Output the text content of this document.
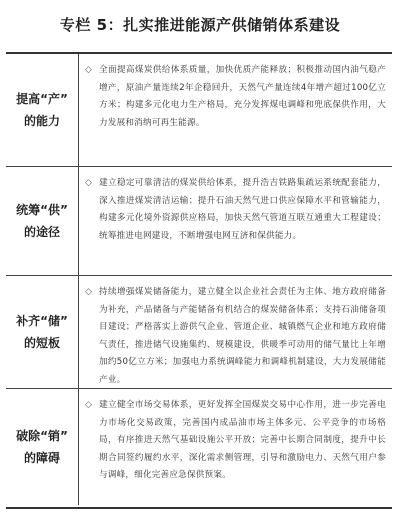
专栏 5：扎实推进能源产供储销体系建设
提高“产”
的能力
◇ 全面提高煤炭供给体系质量，加快优质产能释放；积极推动国内油气稳产增产，原油产量连续2年企稳回升，天然气产量连续4年增产超过100亿立方米；构建多元化电力生产格局，充分发挥煤电调峰和兜底保供作用，大力发展和消纳可再生能源。
统筹“供”
的途径
◇ 建立稳定可靠清洁的煤炭供给体系，提升浩吉铁路集疏运系统配套能力，深入推进煤炭清洁运输；提升石油天然气进口供应保障水平和管输能力，构建多元化境外资源供应格局，加快天然气管道互联互通重大工程建设；统筹推进电网建设，不断增强电网互济和保供能力。
补齐“储”
的短板
◇ 持续增强煤炭储备能力，建立健全以企业社会责任为主体、地方政府储备为补充，产品储备与产能储备有机结合的煤炭储备体系；支持石油储备项目建设；严格落实上游供气企业、管道企业、城镇燃气企业和地方政府储气责任，推进储气设施集约、规模建设，供暖季可动用的储气量比上年增加约50亿立方米；加强电力系统调峰能力和调峰机制建设，大力发展储能产业。
破除“销”
的障碍
◇ 建立健全市场交易体系，更好发挥全国煤炭交易中心作用，进一步完善电力市场化交易政策，完善国内成品油市场主体多元、公平竞争的市场格局，有序推进天然气基础设施公平开放；完善中长期合同制度，提升中长期合同签约履约水平，深化需求侧管理，引导和激励电力、天然气用户参与调峰，细化完善应急保供预案。
